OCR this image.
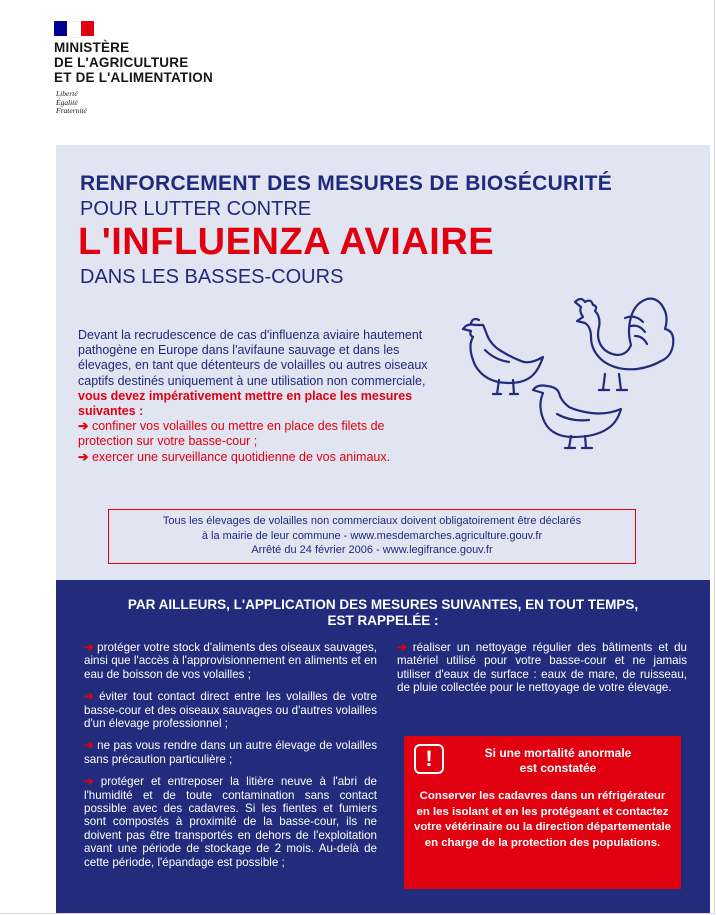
MINISTÈRE
DE L'AGRICULTURE
ET DE L'ALIMENTATION
Liberté
Égalité
Fraternité
RENFORCEMENT DES MESURES DE BIOSÉCURITÉ
POUR LUTTER CONTRE
L'INFLUENZA AVIAIRE
DANS LES BASSES-COURS
Devant la recrudescence de cas d'influenza aviaire hautement pathogène en Europe dans l'avifaune sauvage et dans les élevages, en tant que détenteurs de volailles ou autres oiseaux captifs destinés uniquement à une utilisation non commerciale, vous devez impérativement mettre en place les mesures suivantes :
➔ confiner vos volailles ou mettre en place des filets de protection sur votre basse-cour ;
➔ exercer une surveillance quotidienne de vos animaux.
Tous les élevages de volailles non commerciaux doivent obligatoirement être déclarés
à la mairie de leur commune - www.mesdemarches.agriculture.gouv.fr
Arrêté du 24 février 2006 - www.legifrance.gouv.fr
PAR AILLEURS, L'APPLICATION DES MESURES SUIVANTES, EN TOUT TEMPS,
EST RAPPELÉE :

➔ protéger votre stock d'aliments des oiseaux sauvages, ainsi que l'accès à l'approvisionnement en aliments et en eau de boisson de vos volailles ;

➔ éviter tout contact direct entre les volailles de votre basse-cour et des oiseaux sauvages ou d'autres volailles d'un élevage professionnel ;

➔ ne pas vous rendre dans un autre élevage de volailles sans précaution particulière ;

➔ protéger et entreposer la litière neuve à l'abri de l'humidité et de toute contamination sans contact possible avec des cadavres. Si les fientes et fumiers sont compostés à proximité de la basse-cour, ils ne doivent pas être transportés en dehors de l'exploitation avant une période de stockage de 2 mois. Au-delà de cette période, l'épandage est possible ;

➔ réaliser un nettoyage régulier des bâtiments et du matériel utilisé pour votre basse-cour et ne jamais utiliser d'eaux de surface : eaux de mare, de ruisseau, de pluie collectée pour le nettoyage de votre élevage.

!	Si une mortalité anormale
est constatée
Conserver les cadavres dans un réfrigérateur en les isolant et en les protégeant et contactez votre vétérinaire ou la direction départementale en charge de la protection des populations.
